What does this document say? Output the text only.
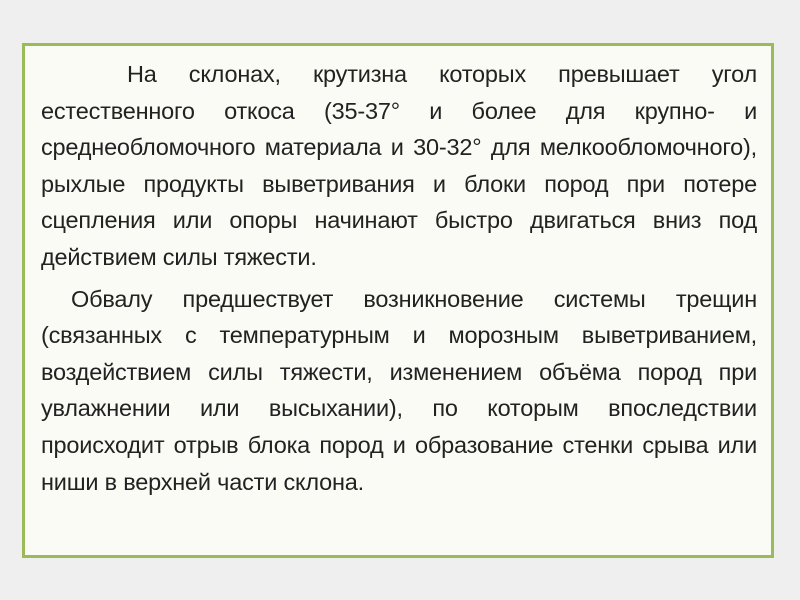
На склонах, крутизна которых превышает угол естественного откоса (35-37° и более для крупно- и среднеобломочного материала и 30-32° для мелкообломочного), рыхлые продукты выветривания и блоки пород при потере сцепления или опоры начинают быстро двигаться вниз под действием силы тяжести.

Обвалу предшествует возникновение системы трещин (связанных с температурным и морозным выветриванием, воздействием силы тяжести, изменением объёма пород при увлажнении или высыхании), по которым впоследствии происходит отрыв блока пород и образование стенки срыва или ниши в верхней части склона.
